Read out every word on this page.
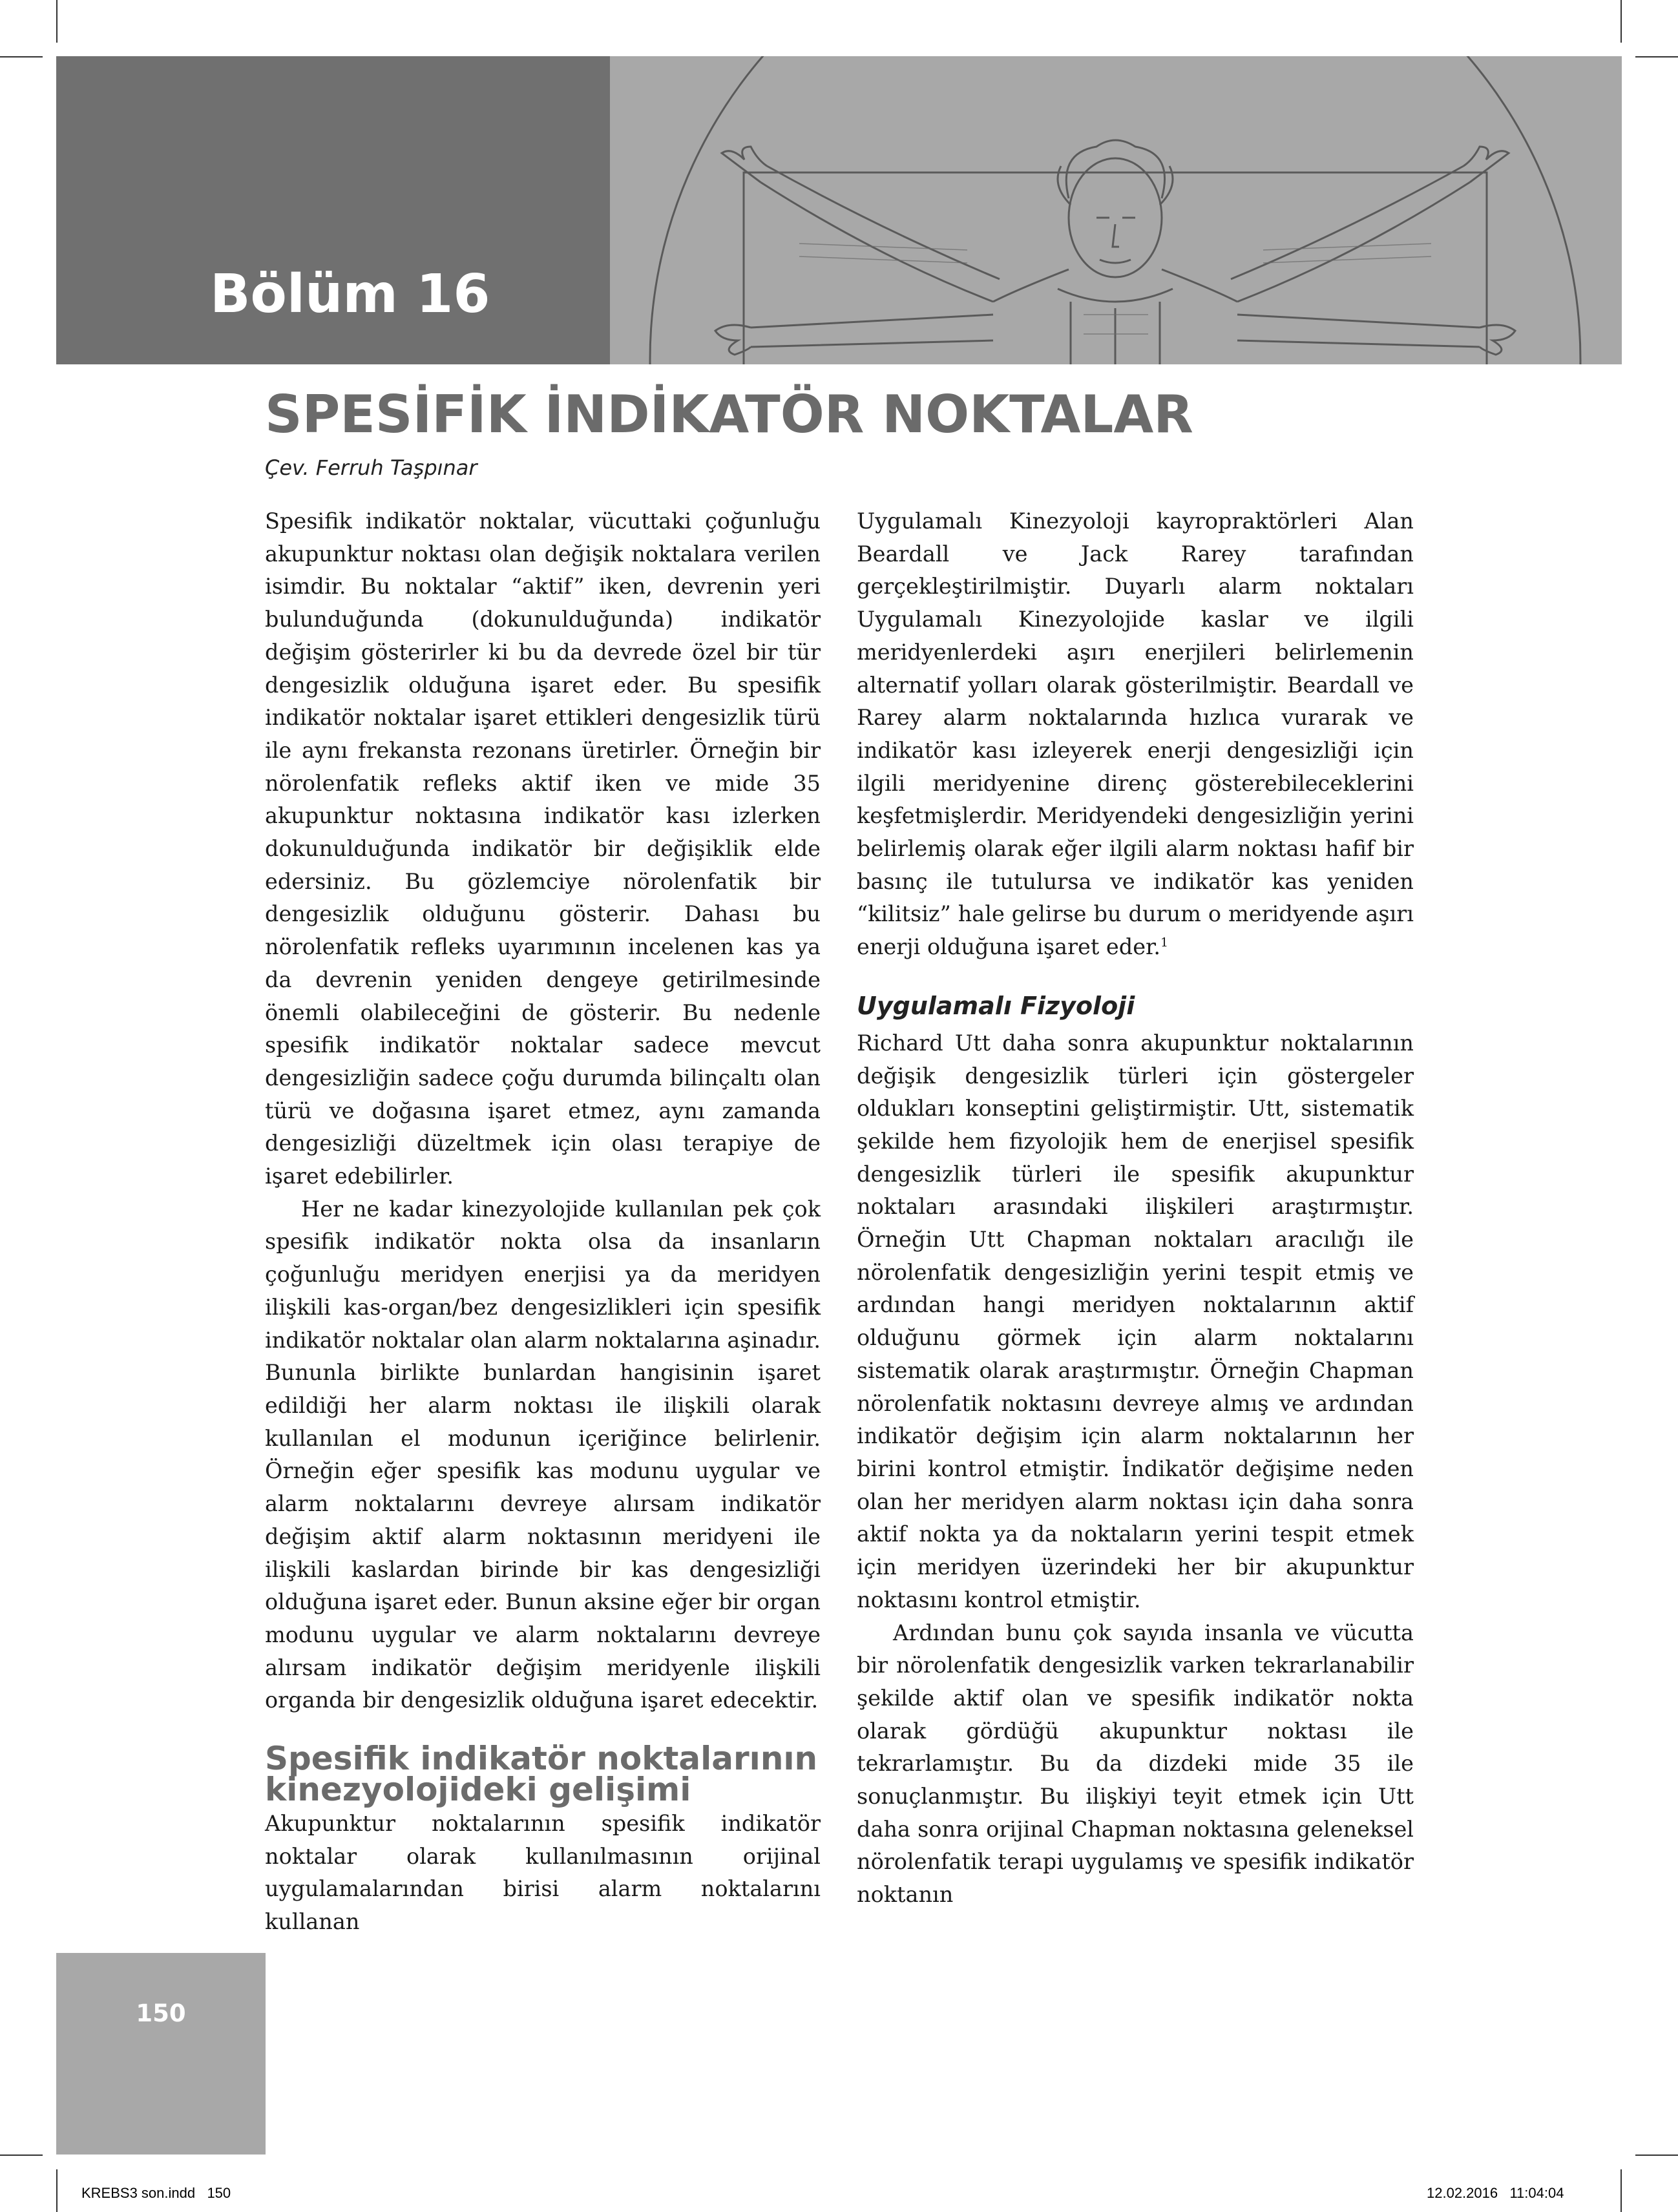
Bölüm 16
SPESİFİK İNDİKATÖR NOKTALAR

Çev. Ferruh Taşpınar

Spesifik indikatör noktalar, vücuttaki çoğunluğu akupunktur noktası olan değişik noktalara verilen isimdir. Bu noktalar “aktif” iken, devrenin yeri bulunduğunda (dokunulduğunda) indikatör değişim gösterirler ki bu da devrede özel bir tür dengesizlik olduğuna işaret eder. Bu spesifik indikatör noktalar işaret ettikleri dengesizlik türü ile aynı frekansta rezonans üretirler. Örneğin bir nörolenfatik refleks aktif iken ve mide 35 akupunktur noktasına indikatör kası izlerken dokunulduğunda indikatör bir değişiklik elde edersiniz. Bu gözlemciye nörolenfatik bir dengesizlik olduğunu gösterir. Dahası bu nörolenfatik refleks uyarımının incelenen kas ya da devrenin yeniden dengeye getirilmesinde önemli olabileceğini de gösterir. Bu nedenle spesifik indikatör noktalar sadece mevcut dengesizliğin sadece çoğu durumda bilinçaltı olan türü ve doğasına işaret etmez, aynı zamanda dengesizliği düzeltmek için olası terapiye de işaret edebilirler.

Her ne kadar kinezyolojide kullanılan pek çok spesifik indikatör nokta olsa da insanların çoğunluğu meridyen enerjisi ya da meridyen ilişkili kas-organ/bez dengesizlikleri için spesifik indikatör noktalar olan alarm noktalarına aşinadır. Bununla birlikte bunlardan hangisinin işaret edildiği her alarm noktası ile ilişkili olarak kullanılan el modunun içeriğince belirlenir. Örneğin eğer spesifik kas modunu uygular ve alarm noktalarını devreye alırsam indikatör değişim aktif alarm noktasının meridyeni ile ilişkili kaslardan birinde bir kas dengesizliği olduğuna işaret eder. Bunun aksine eğer bir organ modunu uygular ve alarm noktalarını devreye alırsam indikatör değişim meridyenle ilişkili organda bir dengesizlik olduğuna işaret edecektir.

Spesifik indikatör noktalarının kinezyolojideki gelişimi

Akupunktur noktalarının spesifik indikatör noktalar olarak kullanılmasının orijinal uygulamalarından birisi alarm noktalarını kullanan

Uygulamalı Kinezyoloji kayropraktörleri Alan Beardall ve Jack Rarey tarafından gerçekleştirilmiştir. Duyarlı alarm noktaları Uygulamalı Kinezyolojide kaslar ve ilgili meridyenlerdeki aşırı enerjileri belirlemenin alternatif yolları olarak gösterilmiştir. Beardall ve Rarey alarm noktalarında hızlıca vurarak ve indikatör kası izleyerek enerji dengesizliği için ilgili meridyenine direnç gösterebileceklerini keşfetmişlerdir. Meridyendeki dengesizliğin yerini belirlemiş olarak eğer ilgili alarm noktası hafif bir basınç ile tutulursa ve indikatör kas yeniden “kilitsiz” hale gelirse bu durum o meridyende aşırı enerji olduğuna işaret eder.$^1$

Uygulamalı Fizyoloji

Richard Utt daha sonra akupunktur noktalarının değişik dengesizlik türleri için göstergeler oldukları konseptini geliştirmiştir. Utt, sistematik şekilde hem fizyolojik hem de enerjisel spesifik dengesizlik türleri ile spesifik akupunktur noktaları arasındaki ilişkileri araştırmıştır. Örneğin Utt Chapman noktaları aracılığı ile nörolenfatik dengesizliğin yerini tespit etmiş ve ardından hangi meridyen noktalarının aktif olduğunu görmek için alarm noktalarını sistematik olarak araştırmıştır. Örneğin Chapman nörolenfatik noktasını devreye almış ve ardından indikatör değişim için alarm noktalarının her birini kontrol etmiştir. İndikatör değişime neden olan her meridyen alarm noktası için daha sonra aktif nokta ya da noktaların yerini tespit etmek için meridyen üzerindeki her bir akupunktur noktasını kontrol etmiştir.

Ardından bunu çok sayıda insanla ve vücutta bir nörolenfatik dengesizlik varken tekrarlanabilir şekilde aktif olan ve spesifik indikatör nokta olarak gördüğü akupunktur noktası ile tekrarlamıştır. Bu da dizdeki mide 35 ile sonuçlanmıştır. Bu ilişkiyi teyit etmek için Utt daha sonra orijinal Chapman noktasına geleneksel nörolenfatik terapi uygulamış ve spesifik indikatör noktanın

150
KREBS3 son.indd   150	12.02.2016   11:04:04
